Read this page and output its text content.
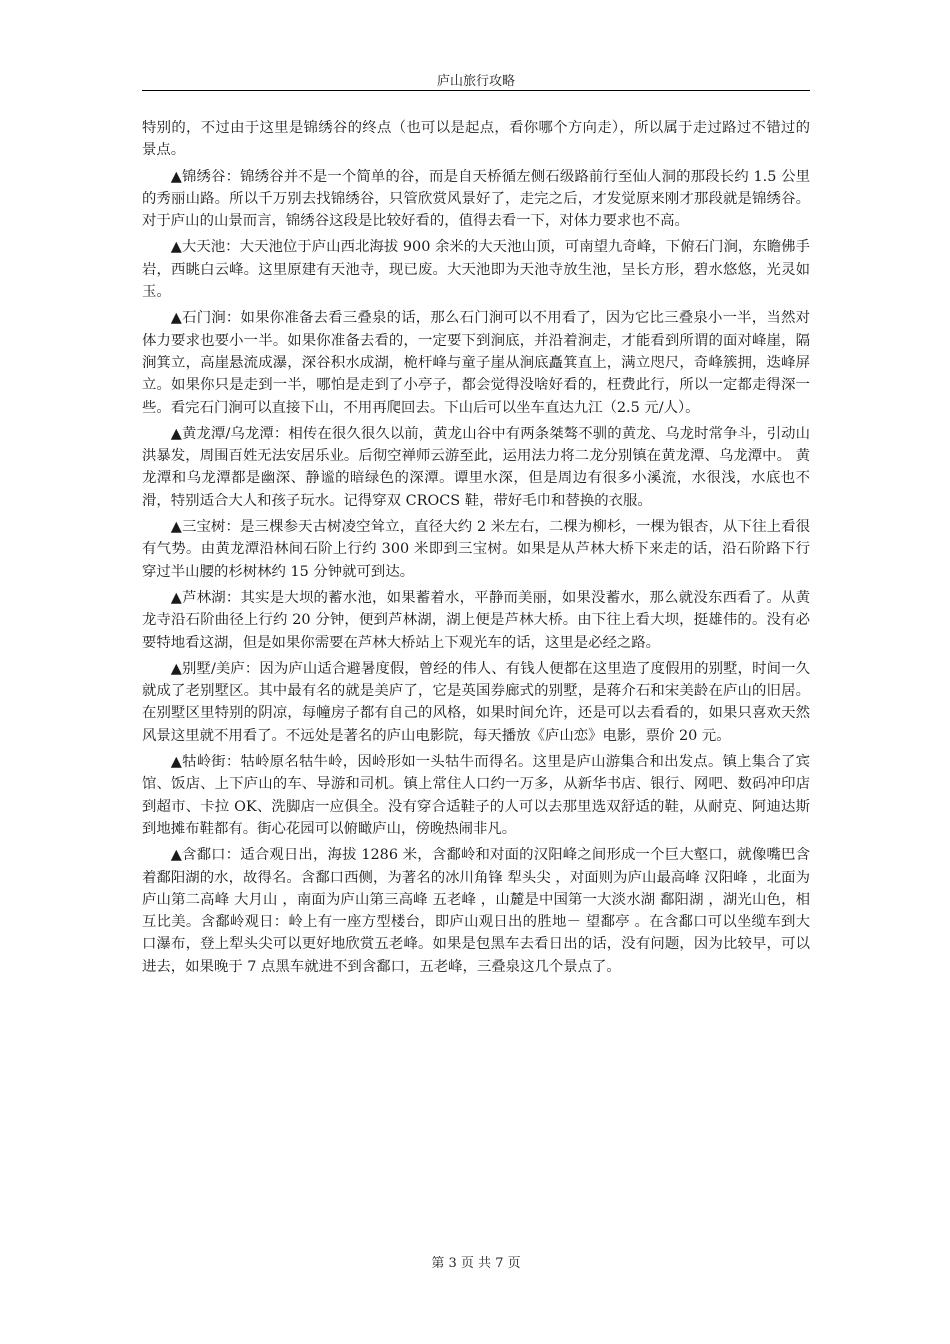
庐山旅行攻略

特别的，不过由于这里是锦绣谷的终点（也可以是起点，看你哪个方向走），所以属于走过路过不错过的景点。

▲锦绣谷：锦绣谷并不是一个简单的谷，而是自天桥循左侧石级路前行至仙人洞的那段长约 1.5 公里的秀丽山路。所以千万别去找锦绣谷，只管欣赏风景好了，走完之后，才发觉原来刚才那段就是锦绣谷。对于庐山的山景而言，锦绣谷这段是比较好看的，值得去看一下，对体力要求也不高。

▲大天池：大天池位于庐山西北海拔 900 余米的大天池山顶，可南望九奇峰，下俯石门涧，东瞻佛手岩，西眺白云峰。这里原建有天池寺，现已废。大天池即为天池寺放生池，呈长方形，碧水悠悠，光灵如玉。

▲石门涧：如果你准备去看三叠泉的话，那么石门涧可以不用看了，因为它比三叠泉小一半，当然对体力要求也要小一半。如果你准备去看的，一定要下到涧底，并沿着涧走，才能看到所谓的面对峰崖，隔涧箕立，高崖悬流成瀑，深谷积水成湖，桅杆峰与童子崖从涧底矗箕直上，满立咫尺，奇峰簇拥，迭峰屏立。如果你只是走到一半，哪怕是走到了小亭子，都会觉得没啥好看的，枉费此行，所以一定都走得深一些。看完石门涧可以直接下山，不用再爬回去。下山后可以坐车直达九江（2.5 元/人）。

▲黄龙潭/乌龙潭：相传在很久很久以前，黄龙山谷中有两条桀骜不驯的黄龙、乌龙时常争斗，引动山洪暴发，周围百姓无法安居乐业。后彻空禅师云游至此，运用法力将二龙分别镇在黄龙潭、乌龙潭中。 黄龙潭和乌龙潭都是幽深、静谧的暗绿色的深潭。谭里水深，但是周边有很多小溪流，水很浅，水底也不滑，特别适合大人和孩子玩水。记得穿双 CROCS 鞋，带好毛巾和替换的衣服。

▲三宝树：是三棵参天古树凌空耸立，直径大约 2 米左右，二棵为柳杉，一棵为银杏，从下往上看很有气势。由黄龙潭沿林间石阶上行约 300 米即到三宝树。如果是从芦林大桥下来走的话，沿石阶路下行穿过半山腰的杉树林约 15 分钟就可到达。

▲芦林湖：其实是大坝的蓄水池，如果蓄着水，平静而美丽，如果没蓄水，那么就没东西看了。从黄龙寺沿石阶曲径上行约 20 分钟，便到芦林湖，湖上便是芦林大桥。由下往上看大坝，挺雄伟的。没有必要特地看这湖，但是如果你需要在芦林大桥站上下观光车的话，这里是必经之路。

▲别墅/美庐：因为庐山适合避暑度假，曾经的伟人、有钱人便都在这里造了度假用的别墅，时间一久就成了老别墅区。其中最有名的就是美庐了，它是英国券廊式的别墅，是蒋介石和宋美龄在庐山的旧居。在别墅区里特别的阴凉，每幢房子都有自己的风格，如果时间允许，还是可以去看看的，如果只喜欢天然风景这里就不用看了。不远处是著名的庐山电影院，每天播放《庐山恋》电影，票价 20 元。

▲牯岭街：牯岭原名牯牛岭，因岭形如一头牯牛而得名。这里是庐山游集合和出发点。镇上集合了宾馆、饭店、上下庐山的车、导游和司机。镇上常住人口约一万多，从新华书店、银行、网吧、数码冲印店到超市、卡拉 OK、洗脚店一应俱全。没有穿合适鞋子的人可以去那里选双舒适的鞋，从耐克、阿迪达斯到地摊布鞋都有。街心花园可以俯瞰庐山，傍晚热闹非凡。

▲含鄱口：适合观日出，海拔 1286 米，含鄱岭和对面的汉阳峰之间形成一个巨大壑口，就像嘴巴含着鄱阳湖的水，故得名。含鄱口西侧，为著名的冰川角锋 犁头尖 ，对面则为庐山最高峰 汉阳峰 ，北面为庐山第二高峰 大月山 ，南面为庐山第三高峰 五老峰 ，山麓是中国第一大淡水湖 鄱阳湖 ，湖光山色，相互比美。含鄱岭观日：岭上有一座方型楼台，即庐山观日出的胜地－ 望鄱亭 。在含鄱口可以坐缆车到大口瀑布，登上犁头尖可以更好地欣赏五老峰。如果是包黑车去看日出的话，没有问题，因为比较早，可以进去，如果晚于 7 点黑车就进不到含鄱口，五老峰，三叠泉这几个景点了。

第 3 页 共 7 页
